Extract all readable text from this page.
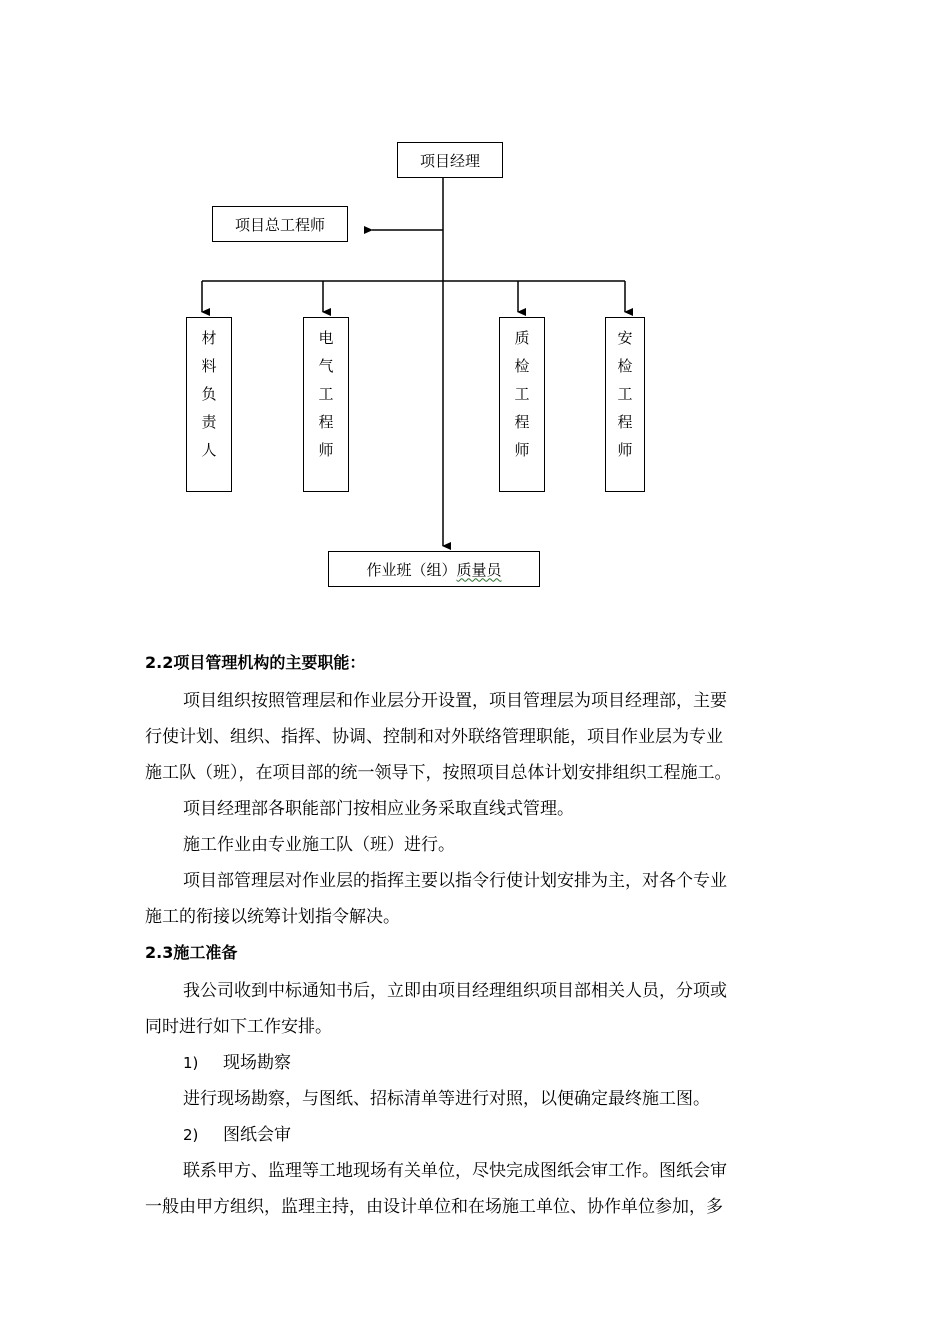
项目经理
项目总工程师
材
料
负
责
人
电
气
工
程
师
质
检
工
程
师
安
检
工
程
师
作业班（组）质量员
2.2项目管理机构的主要职能：
项目组织按照管理层和作业层分开设置，项目管理层为项目经理部，主要
行使计划、组织、指挥、协调、控制和对外联络管理职能，项目作业层为专业
施工队（班），在项目部的统一领导下，按照项目总体计划安排组织工程施工。
项目经理部各职能部门按相应业务采取直线式管理。
施工作业由专业施工队（班）进行。
项目部管理层对作业层的指挥主要以指令行使计划安排为主，对各个专业
施工的衔接以统筹计划指令解决。
2.3施工准备
我公司收到中标通知书后，立即由项目经理组织项目部相关人员，分项或
同时进行如下工作安排。
1) 现场勘察
进行现场勘察，与图纸、招标清单等进行对照，以便确定最终施工图。
2) 图纸会审
联系甲方、监理等工地现场有关单位，尽快完成图纸会审工作。图纸会审
一般由甲方组织，监理主持，由设计单位和在场施工单位、协作单位参加，多
